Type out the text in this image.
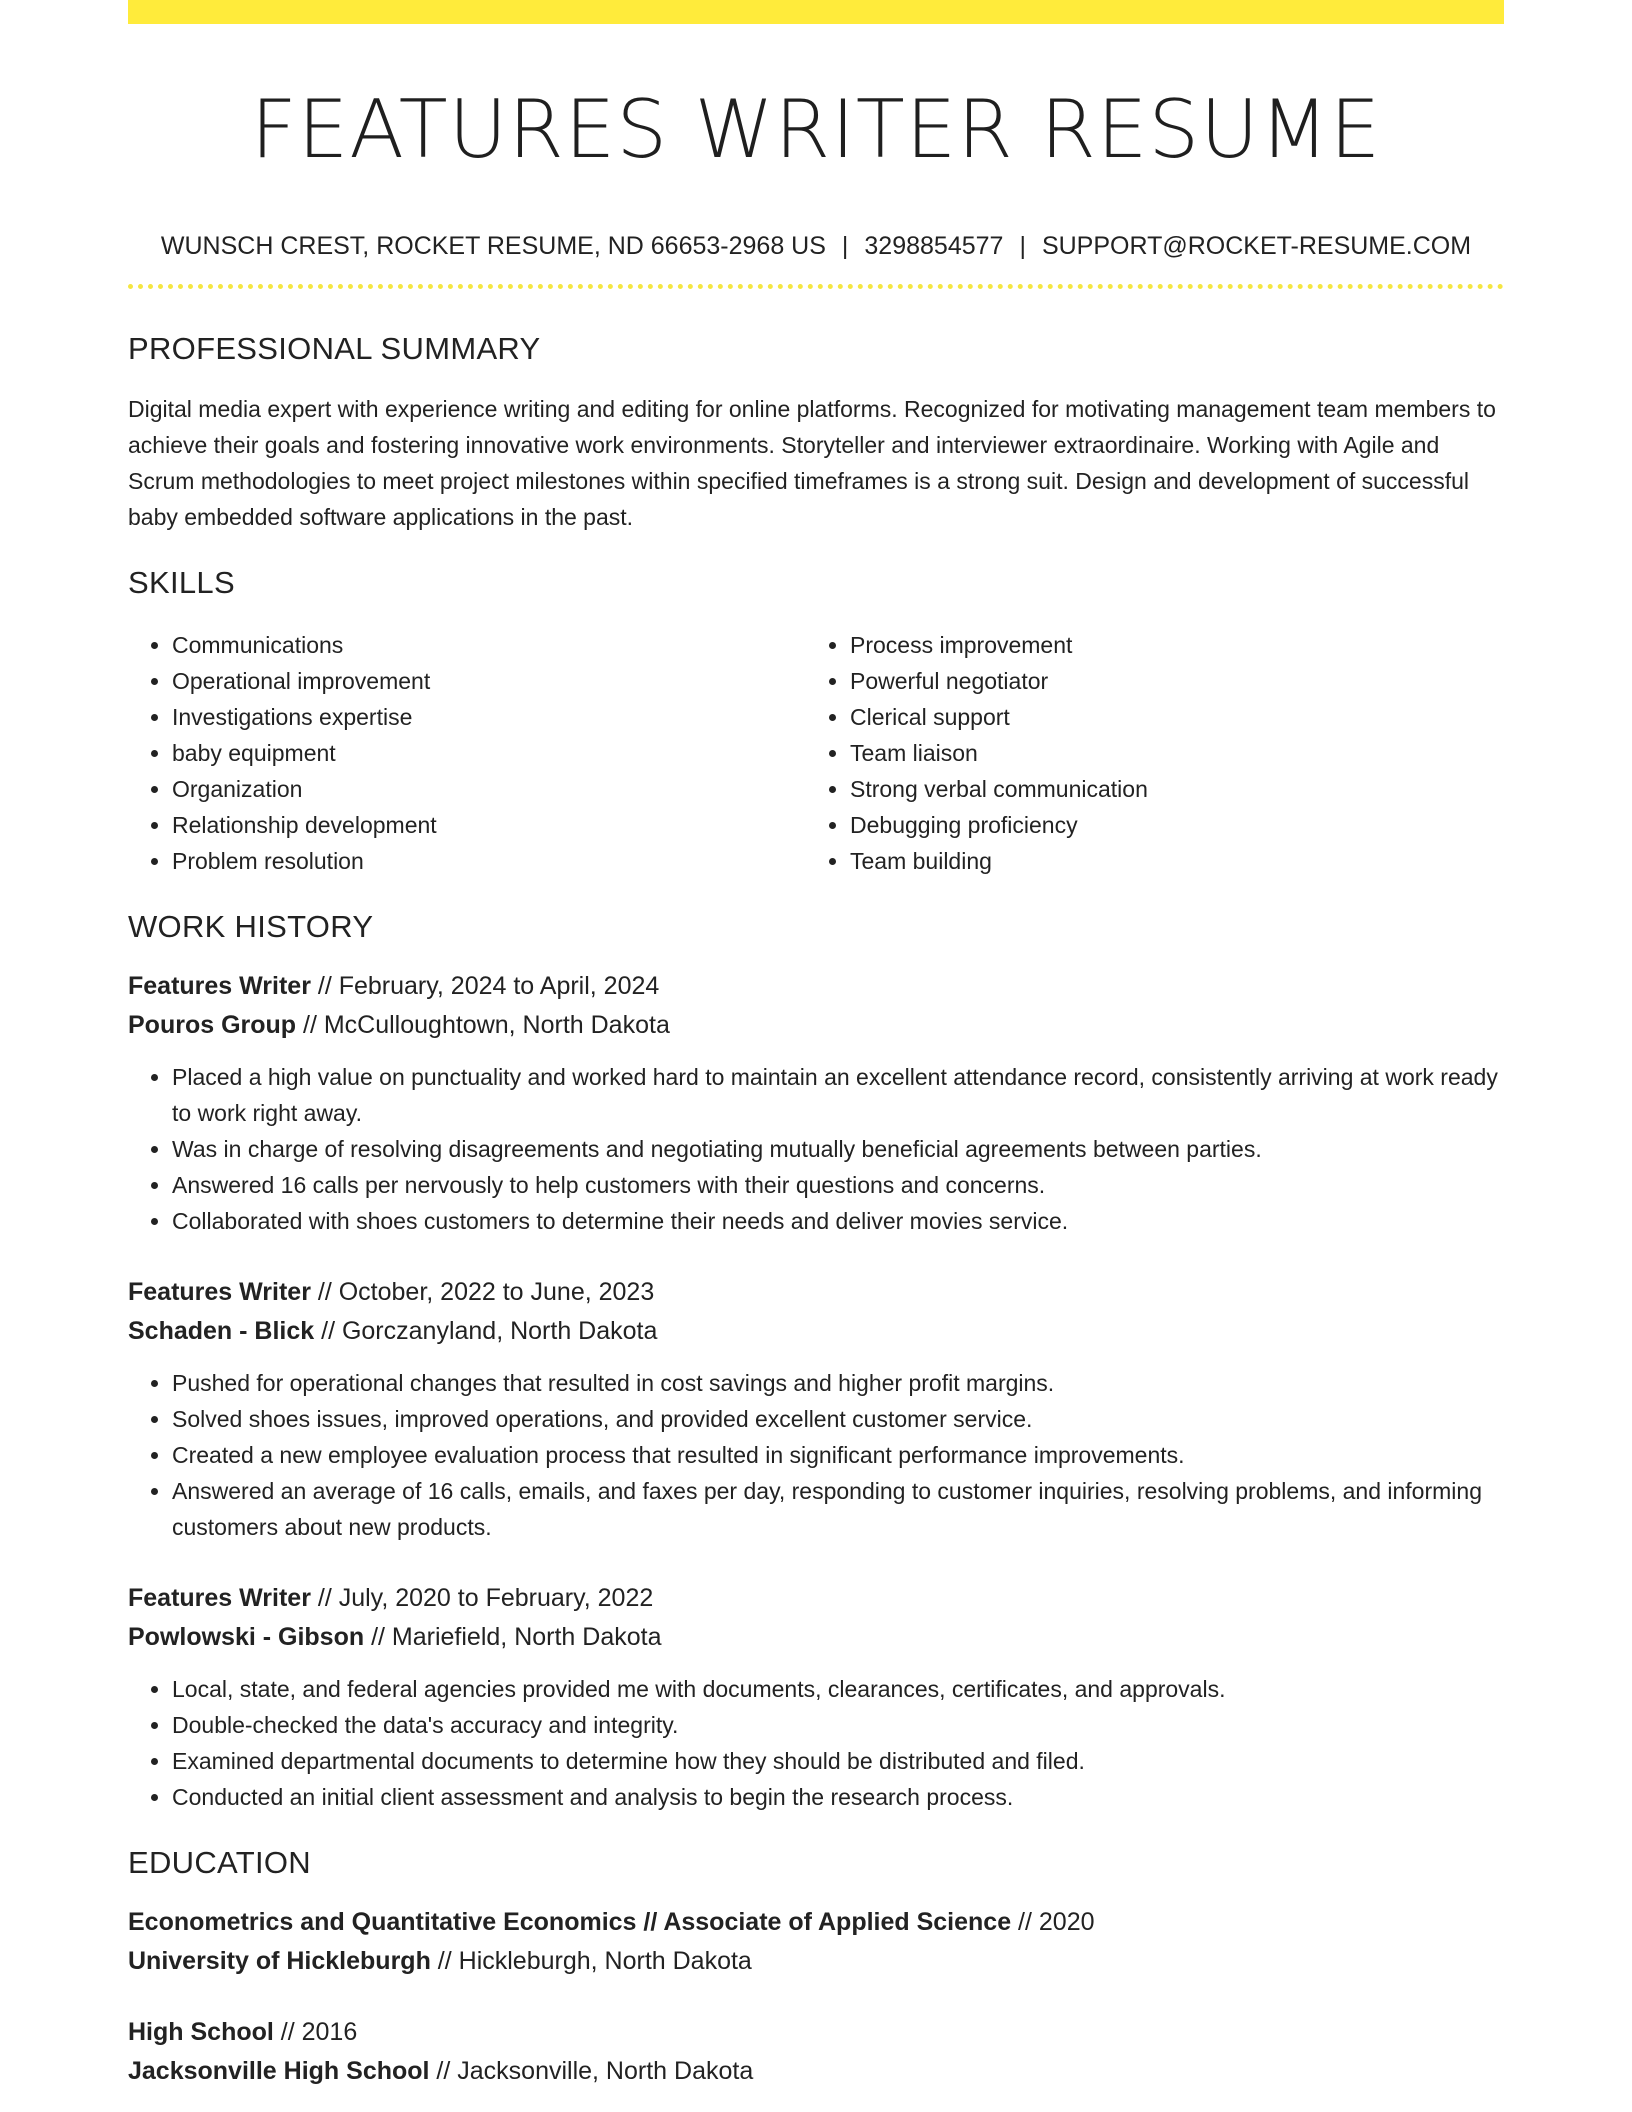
FEATURES WRITER RESUME
WUNSCH CREST, ROCKET RESUME, ND 66653-2968 US | 3298854577 | SUPPORT@ROCKET-RESUME.COM
PROFESSIONAL SUMMARY

Digital media expert with experience writing and editing for online platforms. Recognized for motivating management team members to achieve their goals and fostering innovative work environments. Storyteller and interviewer extraordinaire. Working with Agile and Scrum methodologies to meet project milestones within specified timeframes is a strong suit. Design and development of successful baby embedded software applications in the past.

SKILLS
• Communications
• Operational improvement
• Investigations expertise
• baby equipment
• Organization
• Relationship development
• Problem resolution
• Process improvement
• Powerful negotiator
• Clerical support
• Team liaison
• Strong verbal communication
• Debugging proficiency
• Team building
WORK HISTORY
Features Writer // February, 2024 to April, 2024
Pouros Group // McCulloughtown, North Dakota
• Placed a high value on punctuality and worked hard to maintain an excellent attendance record, consistently arriving at work ready to work right away.
• Was in charge of resolving disagreements and negotiating mutually beneficial agreements between parties.
• Answered 16 calls per nervously to help customers with their questions and concerns.
• Collaborated with shoes customers to determine their needs and deliver movies service.
Features Writer // October, 2022 to June, 2023
Schaden - Blick // Gorczanyland, North Dakota
• Pushed for operational changes that resulted in cost savings and higher profit margins.
• Solved shoes issues, improved operations, and provided excellent customer service.
• Created a new employee evaluation process that resulted in significant performance improvements.
• Answered an average of 16 calls, emails, and faxes per day, responding to customer inquiries, resolving problems, and informing customers about new products.
Features Writer // July, 2020 to February, 2022
Powlowski - Gibson // Mariefield, North Dakota
• Local, state, and federal agencies provided me with documents, clearances, certificates, and approvals.
• Double-checked the data's accuracy and integrity.
• Examined departmental documents to determine how they should be distributed and filed.
• Conducted an initial client assessment and analysis to begin the research process.
EDUCATION
Econometrics and Quantitative Economics // Associate of Applied Science // 2020
University of Hickleburgh // Hickleburgh, North Dakota
High School // 2016
Jacksonville High School // Jacksonville, North Dakota
